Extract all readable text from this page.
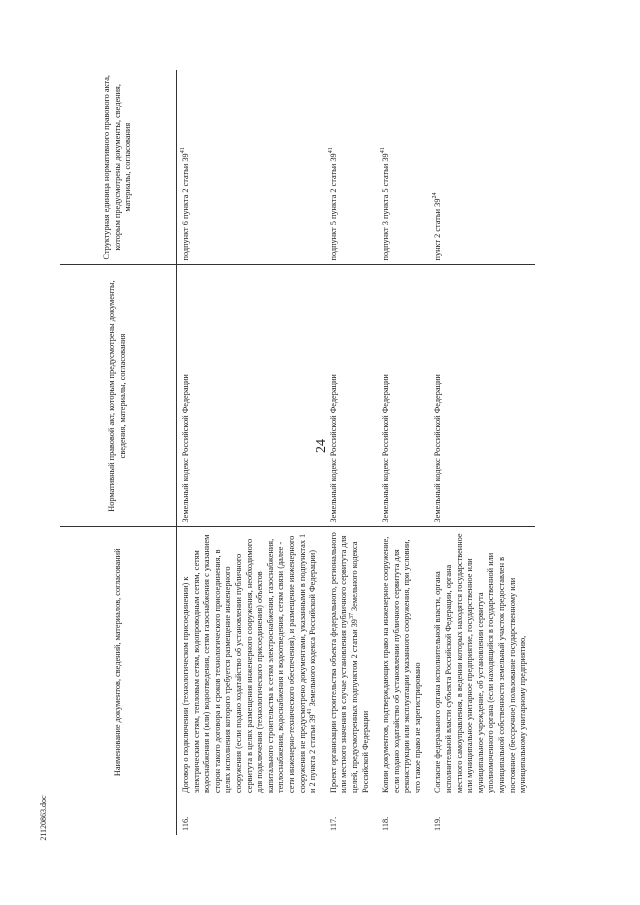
24
	Наименование документов, сведений, материалов, согласований	Нормативный правовой акт, которым предусмотрены документы, сведения, материалы, согласования	Структурная единица нормативного правового акта, которым предусмотрены документы, сведения, материалы, согласования
116.	Договор о подключении (технологическом присоединении) к электрическим сетям, тепловым сетям, водопроводным сетям, сетям водоснабжения и (или) водоотведения, сетям газоснабжения с указанием сторон такого договора и сроков технологического присоединения, в целях исполнения которого требуется размещение инженерного сооружения (если подано ходатайство об установлении публичного сервитута в целях размещения инженерного сооружения, необходимого для подключения (технологического присоединения) объектов капитального строительства к сетям электроснабжения, газоснабжения, теплоснабжения, водоснабжения и водоотведения, сетям связи (далее - сети инженерно-технического обеспечения), и размещение инженерного сооружения не предусмотрено документами, указанными в подпунктах 1 и 2 пункта 2 статьи $39^{41}$ Земельного кодекса Российской Федерации)	Земельный кодекс Российской Федерации	подпункт 6 пункта 2 статьи $39^{41}$
117.	Проект организации строительства объекта федерального, регионального или местного значения в случае установления публичного сервитута для целей, предусмотренных подпунктом 2 статьи $39^{37}$ Земельного кодекса Российской Федерации	Земельный кодекс Российской Федерации	подпункт 5 пункта 2 статьи $39^{41}$
118.	Копии документов, подтверждающих право на инженерное сооружение, если подано ходатайство об установлении публичного сервитута для реконструкции или эксплуатации указанного сооружения, при условии, что такое право не зарегистрировано	Земельный кодекс Российской Федерации	подпункт 3 пункта 5 статьи $39^{41}$
119.	Согласие федерального органа исполнительной власти, органа исполнительной власти субъекта Российской Федерации, органа местного самоуправления, в ведении которых находятся государственное или муниципальное унитарное предприятие, государственное или муниципальное учреждение, об установлении сервитута уполномоченного органа (если находящийся в государственной или муниципальной собственности земельный участок предоставлен в постоянное (бессрочное) пользование государственному или муниципальному унитарному предприятию,	Земельный кодекс Российской Федерации	пункт 2 статьи $39^{24}$
21120863.doc
